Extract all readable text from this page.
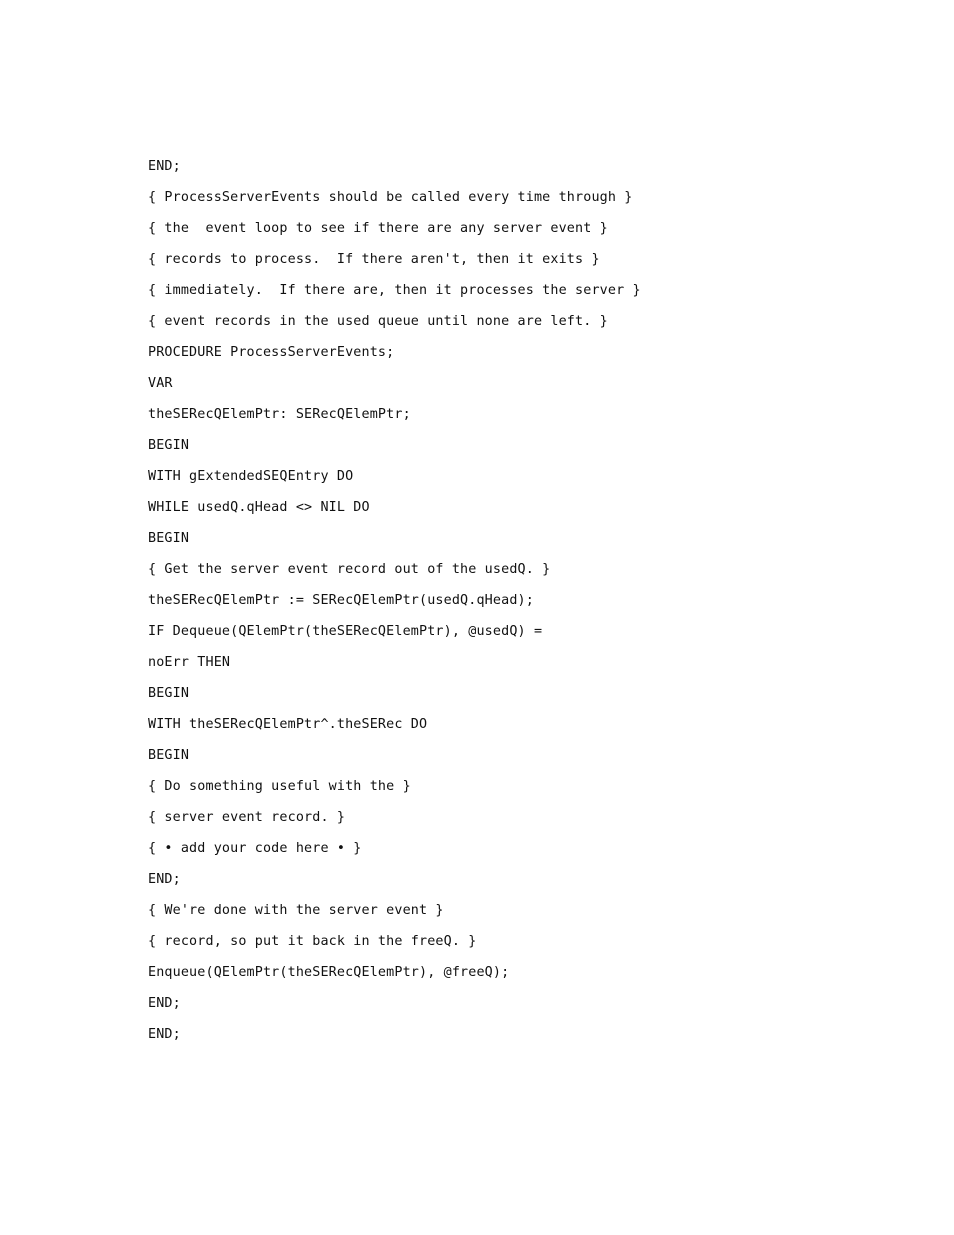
END;
{ ProcessServerEvents should be called every time through }
{ the  event loop to see if there are any server event }
{ records to process.  If there aren't, then it exits }
{ immediately.  If there are, then it processes the server }
{ event records in the used queue until none are left. }
PROCEDURE ProcessServerEvents;
VAR
theSERecQElemPtr: SERecQElemPtr;
BEGIN
WITH gExtendedSEQEntry DO
WHILE usedQ.qHead <> NIL DO
BEGIN
{ Get the server event record out of the usedQ. }
theSERecQElemPtr := SERecQElemPtr(usedQ.qHead);
IF Dequeue(QElemPtr(theSERecQElemPtr), @usedQ) =
noErr THEN
BEGIN
WITH theSERecQElemPtr^.theSERec DO
BEGIN
{ Do something useful with the }
{ server event record. }
{ • add your code here • }
END;
{ We're done with the server event }
{ record, so put it back in the freeQ. }
Enqueue(QElemPtr(theSERecQElemPtr), @freeQ);
END;
END;
